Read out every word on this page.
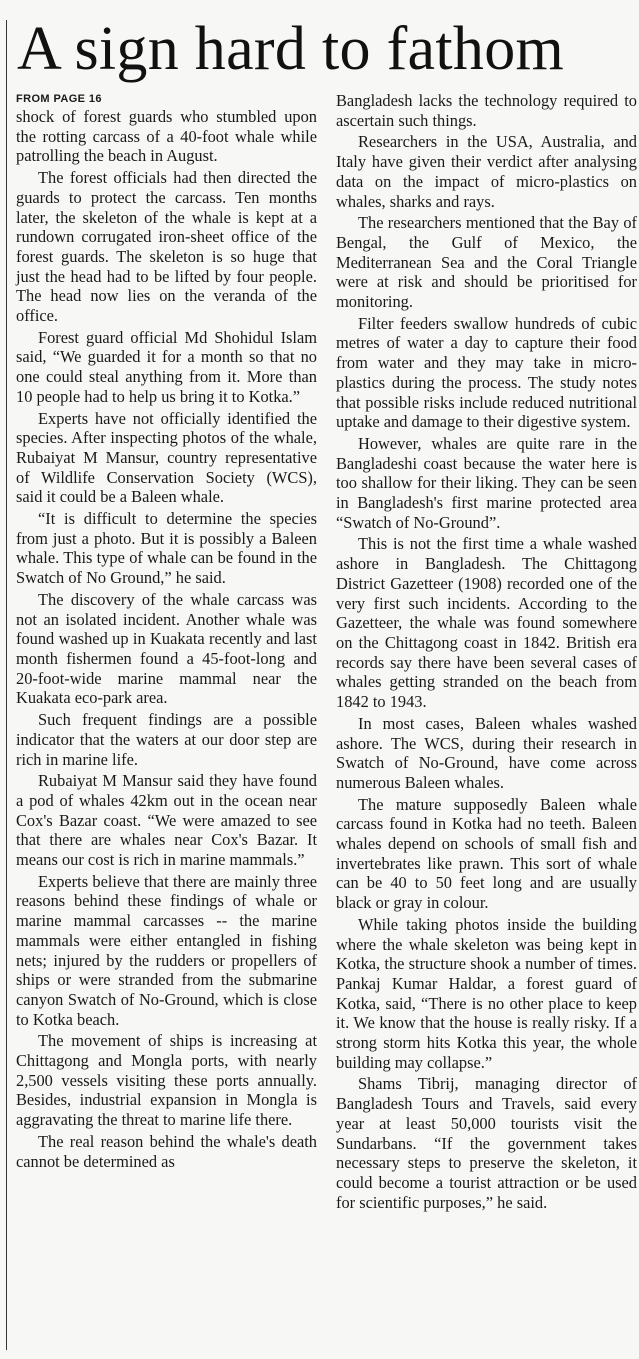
A sign hard to fathom
FROM PAGE 16

shock of forest guards who stumbled upon the rotting carcass of a 40-foot whale while patrolling the beach in August.

The forest officials had then directed the guards to protect the carcass. Ten months later, the skeleton of the whale is kept at a rundown corrugated iron-sheet office of the forest guards. The skeleton is so huge that just the head had to be lifted by four people. The head now lies on the veranda of the office.

Forest guard official Md Shohidul Islam said, “We guarded it for a month so that no one could steal anything from it. More than 10 people had to help us bring it to Kotka.”

Experts have not officially identified the species. After inspecting photos of the whale, Rubaiyat M Mansur, country representative of Wildlife Conservation Society (WCS), said it could be a Baleen whale.

“It is difficult to determine the species from just a photo. But it is possibly a Baleen whale. This type of whale can be found in the Swatch of No Ground,” he said.

The discovery of the whale carcass was not an isolated incident. Another whale was found washed up in Kuakata recently and last month fishermen found a 45-foot-long and 20-foot-wide marine mammal near the Kuakata eco-park area.

Such frequent findings are a possible indicator that the waters at our door step are rich in marine life.

Rubaiyat M Mansur said they have found a pod of whales 42km out in the ocean near Cox's Bazar coast. “We were amazed to see that there are whales near Cox's Bazar. It means our cost is rich in marine mammals.”

Experts believe that there are mainly three reasons behind these findings of whale or marine mammal carcasses -- the marine mammals were either entangled in fishing nets; injured by the rudders or propellers of ships or were stranded from the submarine canyon Swatch of No-Ground, which is close to Kotka beach.

The movement of ships is increasing at Chittagong and Mongla ports, with nearly 2,500 vessels visiting these ports annually. Besides, industrial expansion in Mongla is aggravating the threat to marine life there.

The real reason behind the whale's death cannot be determined as

Bangladesh lacks the technology required to ascertain such things.

Researchers in the USA, Australia, and Italy have given their verdict after analysing data on the impact of micro-plastics on whales, sharks and rays.

The researchers mentioned that the Bay of Bengal, the Gulf of Mexico, the Mediterranean Sea and the Coral Triangle were at risk and should be prioritised for monitoring.

Filter feeders swallow hundreds of cubic metres of water a day to capture their food from water and they may take in micro-plastics during the process. The study notes that possible risks include reduced nutritional uptake and damage to their digestive system.

However, whales are quite rare in the Bangladeshi coast because the water here is too shallow for their liking. They can be seen in Bangladesh's first marine protected area “Swatch of No-Ground”.

This is not the first time a whale washed ashore in Bangladesh. The Chittagong District Gazetteer (1908) recorded one of the very first such incidents. According to the Gazetteer, the whale was found somewhere on the Chittagong coast in 1842. British era records say there have been several cases of whales getting stranded on the beach from 1842 to 1943.

In most cases, Baleen whales washed ashore. The WCS, during their research in Swatch of No-Ground, have come across numerous Baleen whales.

The mature supposedly Baleen whale carcass found in Kotka had no teeth. Baleen whales depend on schools of small fish and invertebrates like prawn. This sort of whale can be 40 to 50 feet long and are usually black or gray in colour.

While taking photos inside the building where the whale skeleton was being kept in Kotka, the structure shook a number of times. Pankaj Kumar Haldar, a forest guard of Kotka, said, “There is no other place to keep it. We know that the house is really risky. If a strong storm hits Kotka this year, the whole building may collapse.”

Shams Tibrij, managing director of Bangladesh Tours and Travels, said every year at least 50,000 tourists visit the Sundarbans. “If the government takes necessary steps to preserve the skeleton, it could become a tourist attraction or be used for scientific purposes,” he said.
